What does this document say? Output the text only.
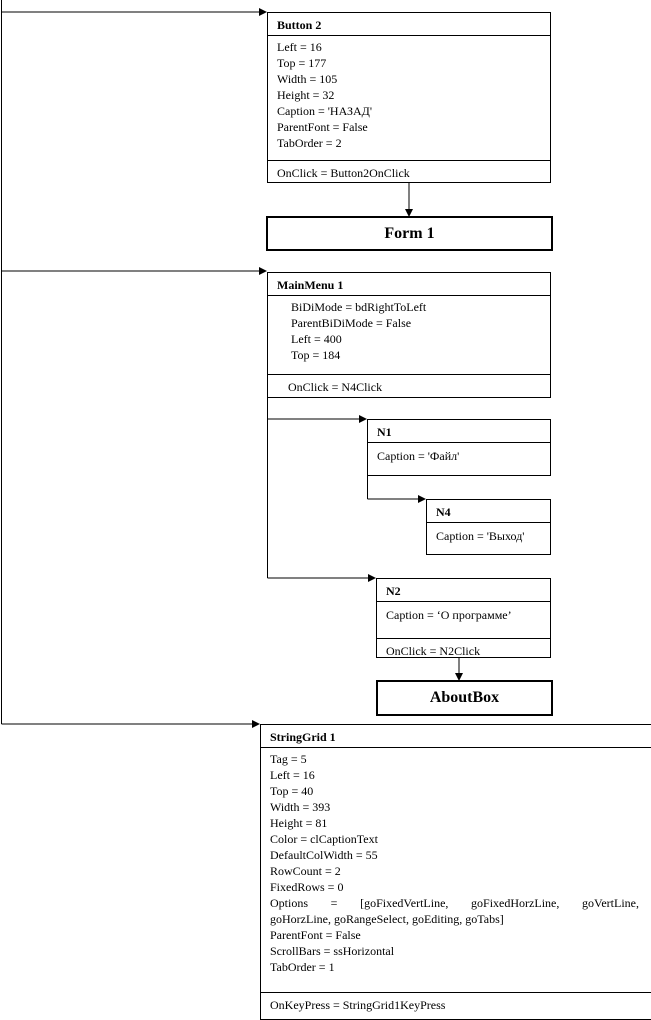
Button 2
Left = 16
Top = 177
Width = 105
Height = 32
Caption = 'НАЗАД'
ParentFont = False
TabOrder = 2
OnClick = Button2OnClick
Form 1
MainMenu 1
BiDiMode = bdRightToLeft
ParentBiDiMode = False
Left = 400
Top = 184
OnClick = N4Click
N1
Caption = 'Файл'
N4
Caption = 'Выход'
N2
Caption = ‘О программе’
OnClick = N2Click
AboutBox
StringGrid 1
Tag = 5
Left = 16
Top = 40
Width = 393
Height = 81
Color = clCaptionText
DefaultColWidth = 55
RowCount = 2
FixedRows = 0
Options = [goFixedVertLine, goFixedHorzLine, goVertLine,
goHorzLine, goRangeSelect, goEditing, goTabs]
ParentFont = False
ScrollBars = ssHorizontal
TabOrder = 1
OnKeyPress = StringGrid1KeyPress
